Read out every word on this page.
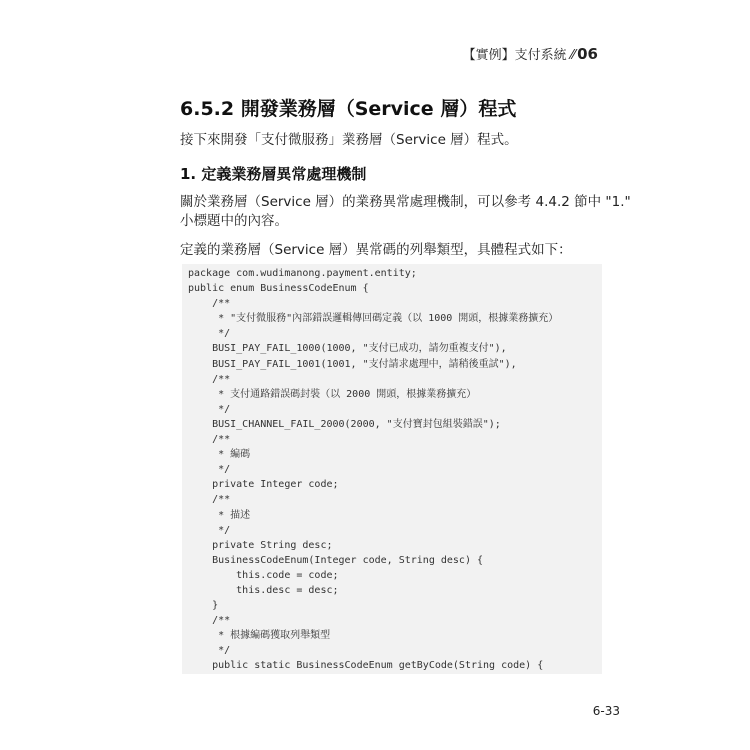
【實例】支付系統 ⁄⁄ 06
6.5.2 開發業務層（Service 層）程式
接下來開發「支付微服務」業務層（Service 層）程式。
1. 定義業務層異常處理機制
關於業務層（Service 層）的業務異常處理機制，可以參考 4.4.2 節中 "1."
小標題中的內容。
定義的業務層（Service 層）異常碼的列舉類型，具體程式如下：
package com.wudimanong.payment.entity;
public enum BusinessCodeEnum {
/**
* "支付微服務"內部錯誤邏輯傳回碼定義（以 1000 開頭，根據業務擴充）
*/
BUSI_PAY_FAIL_1000(1000, "支付已成功，請勿重複支付"),
BUSI_PAY_FAIL_1001(1001, "支付請求處理中，請稍後重試"),
/**
* 支付通路錯誤碼封裝（以 2000 開頭，根據業務擴充）
*/
BUSI_CHANNEL_FAIL_2000(2000, "支付寶封包組裝錯誤");
/**
* 編碼
*/
private Integer code;
/**
* 描述
*/
private String desc;
BusinessCodeEnum(Integer code, String desc) {
this.code = code;
this.desc = desc;
}
/**
* 根據編碼獲取列舉類型
*/
public static BusinessCodeEnum getByCode(String code) {
6-33
